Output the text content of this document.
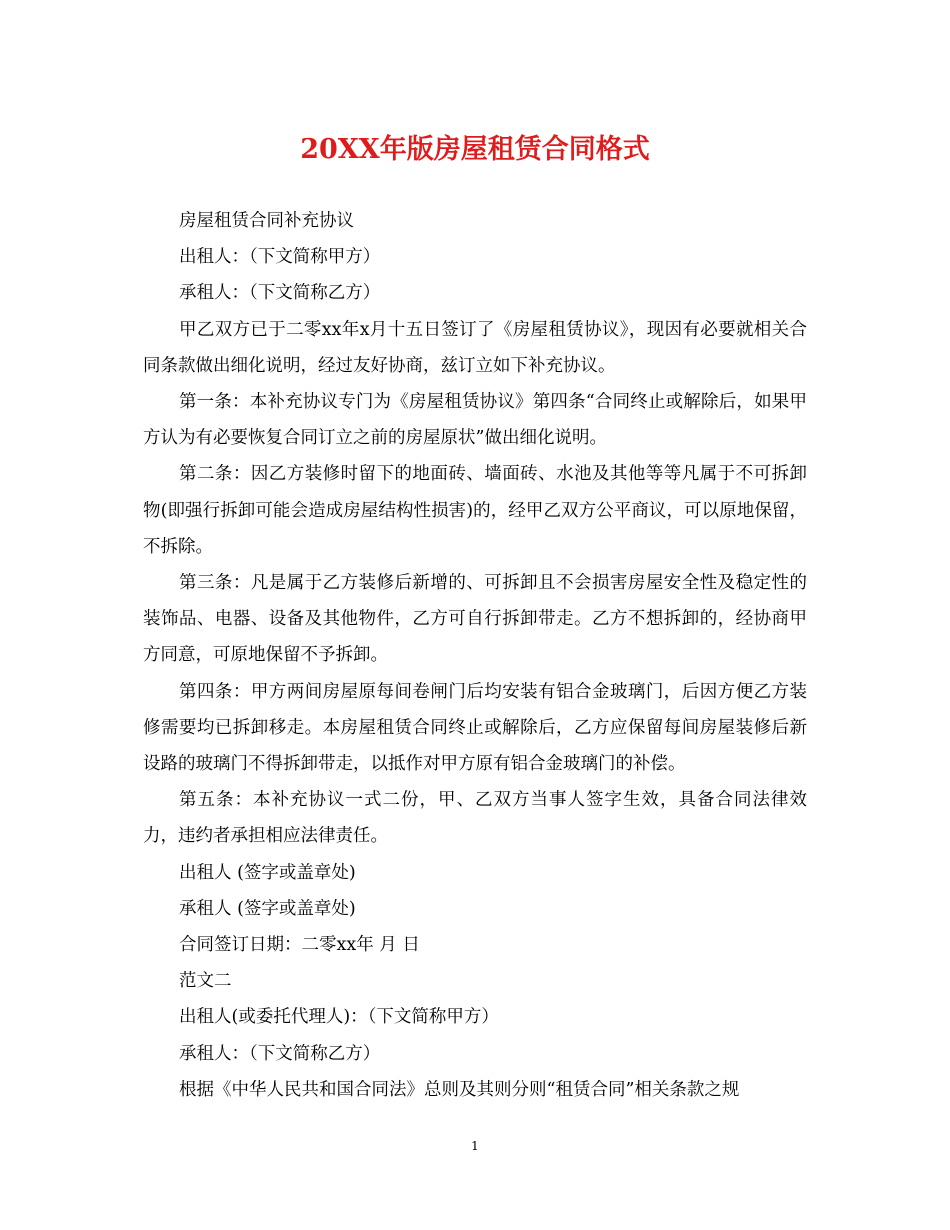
20XX年版房屋租赁合同格式

房屋租赁合同补充协议

出租人：（下文简称甲方）

承租人：（下文简称乙方）

甲乙双方已于二零xx年x月十五日签订了《房屋租赁协议》，现因有必要就相关合同条款做出细化说明，经过友好协商，兹订立如下补充协议。

第一条：本补充协议专门为《房屋租赁协议》第四条“合同终止或解除后，如果甲方认为有必要恢复合同订立之前的房屋原状”做出细化说明。

第二条：因乙方装修时留下的地面砖、墙面砖、水池及其他等等凡属于不可拆卸物(即强行拆卸可能会造成房屋结构性损害)的，经甲乙双方公平商议，可以原地保留，不拆除。

第三条：凡是属于乙方装修后新增的、可拆卸且不会损害房屋安全性及稳定性的装饰品、电器、设备及其他物件，乙方可自行拆卸带走。乙方不想拆卸的，经协商甲方同意，可原地保留不予拆卸。

第四条：甲方两间房屋原每间卷闸门后均安装有铝合金玻璃门，后因方便乙方装修需要均已拆卸移走。本房屋租赁合同终止或解除后，乙方应保留每间房屋装修后新设路的玻璃门不得拆卸带走，以抵作对甲方原有铝合金玻璃门的补偿。

第五条：本补充协议一式二份，甲、乙双方当事人签字生效，具备合同法律效力，违约者承担相应法律责任。

出租人 (签字或盖章处)

承租人 (签字或盖章处)

合同签订日期：二零xx年 月 日

范文二

出租人(或委托代理人)：（下文简称甲方）

承租人：（下文简称乙方）

根据《中华人民共和国合同法》总则及其则分则“租赁合同”相关条款之规

1
